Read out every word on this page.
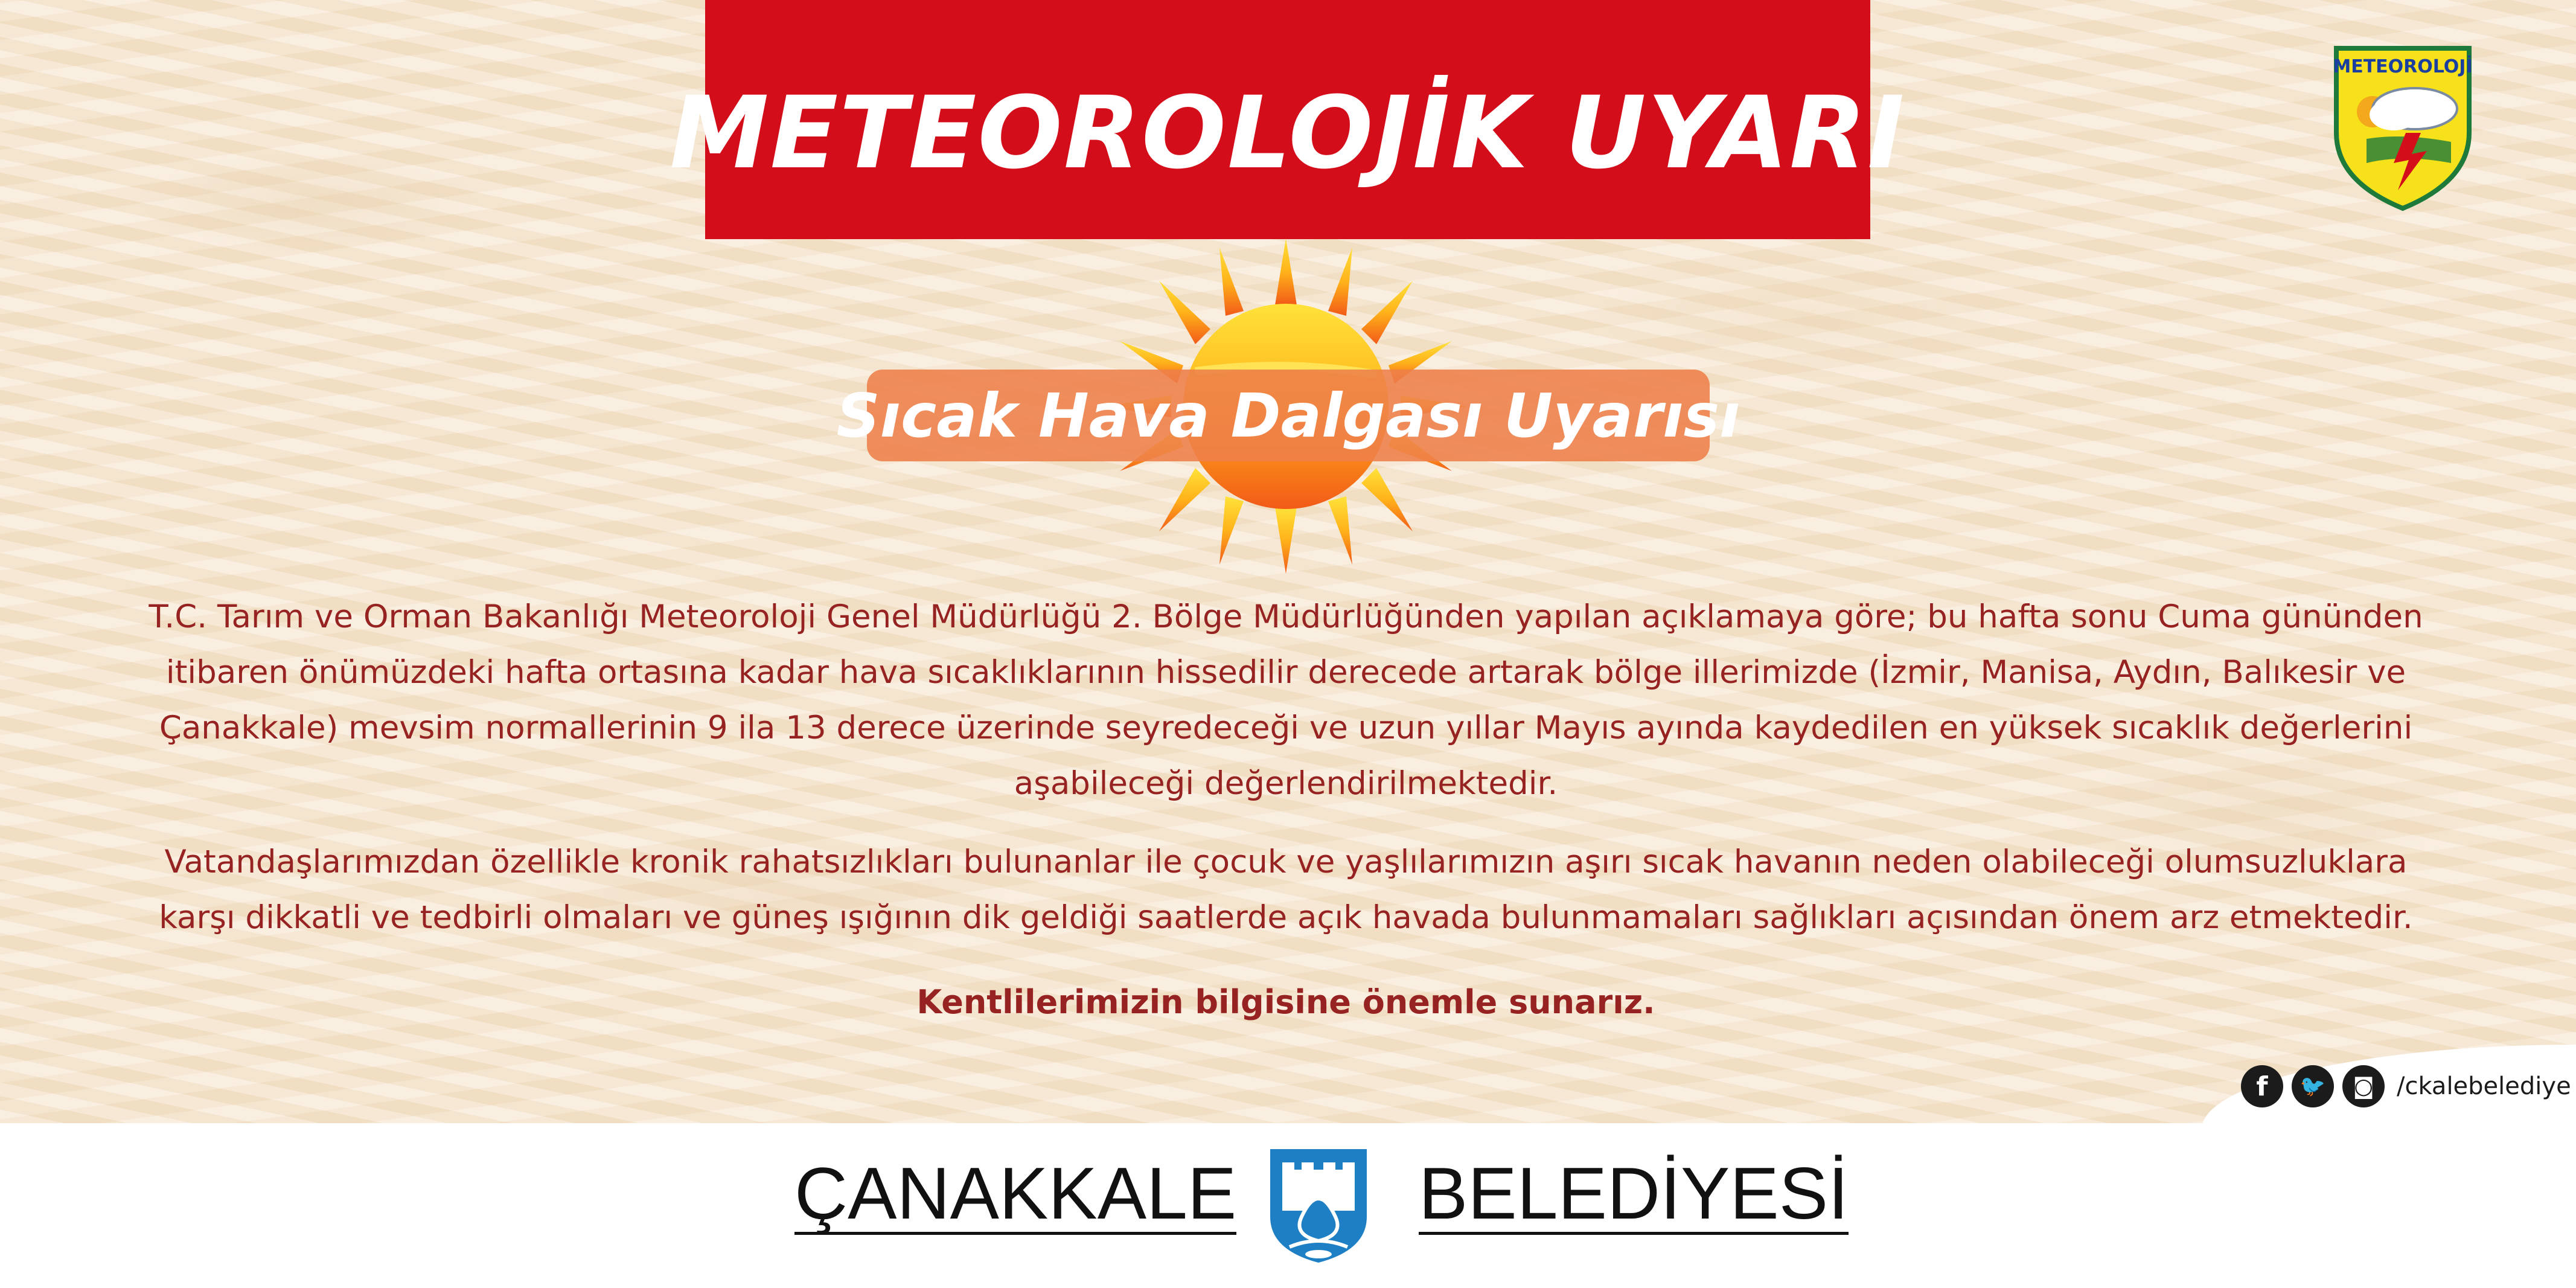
METEOROLOJİK UYARI
METEOROLOJİ
Sıcak Hava Dalgası Uyarısı
T.C. Tarım ve Orman Bakanlığı Meteoroloji Genel Müdürlüğü 2. Bölge Müdürlüğünden yapılan açıklamaya göre; bu hafta sonu Cuma gününden
itibaren önümüzdeki hafta ortasına kadar hava sıcaklıklarının hissedilir derecede artarak bölge illerimizde (İzmir, Manisa, Aydın, Balıkesir ve
Çanakkale) mevsim normallerinin 9 ila 13 derece üzerinde seyredeceği ve uzun yıllar Mayıs ayında kaydedilen en yüksek sıcaklık değerlerini
aşabileceği değerlendirilmektedir.
Vatandaşlarımızdan özellikle kronik rahatsızlıkları bulunanlar ile çocuk ve yaşlılarımızın aşırı sıcak havanın neden olabileceği olumsuzluklara
karşı dikkatli ve tedbirli olmaları ve güneş ışığının dik geldiği saatlerde açık havada bulunmamaları sağlıkları açısından önem arz etmektedir.
Kentlilerimizin bilgisine önemle sunarız.
f	🐦	◙ /ckalebelediye
ÇANAKKALE BELEDİYESİ
